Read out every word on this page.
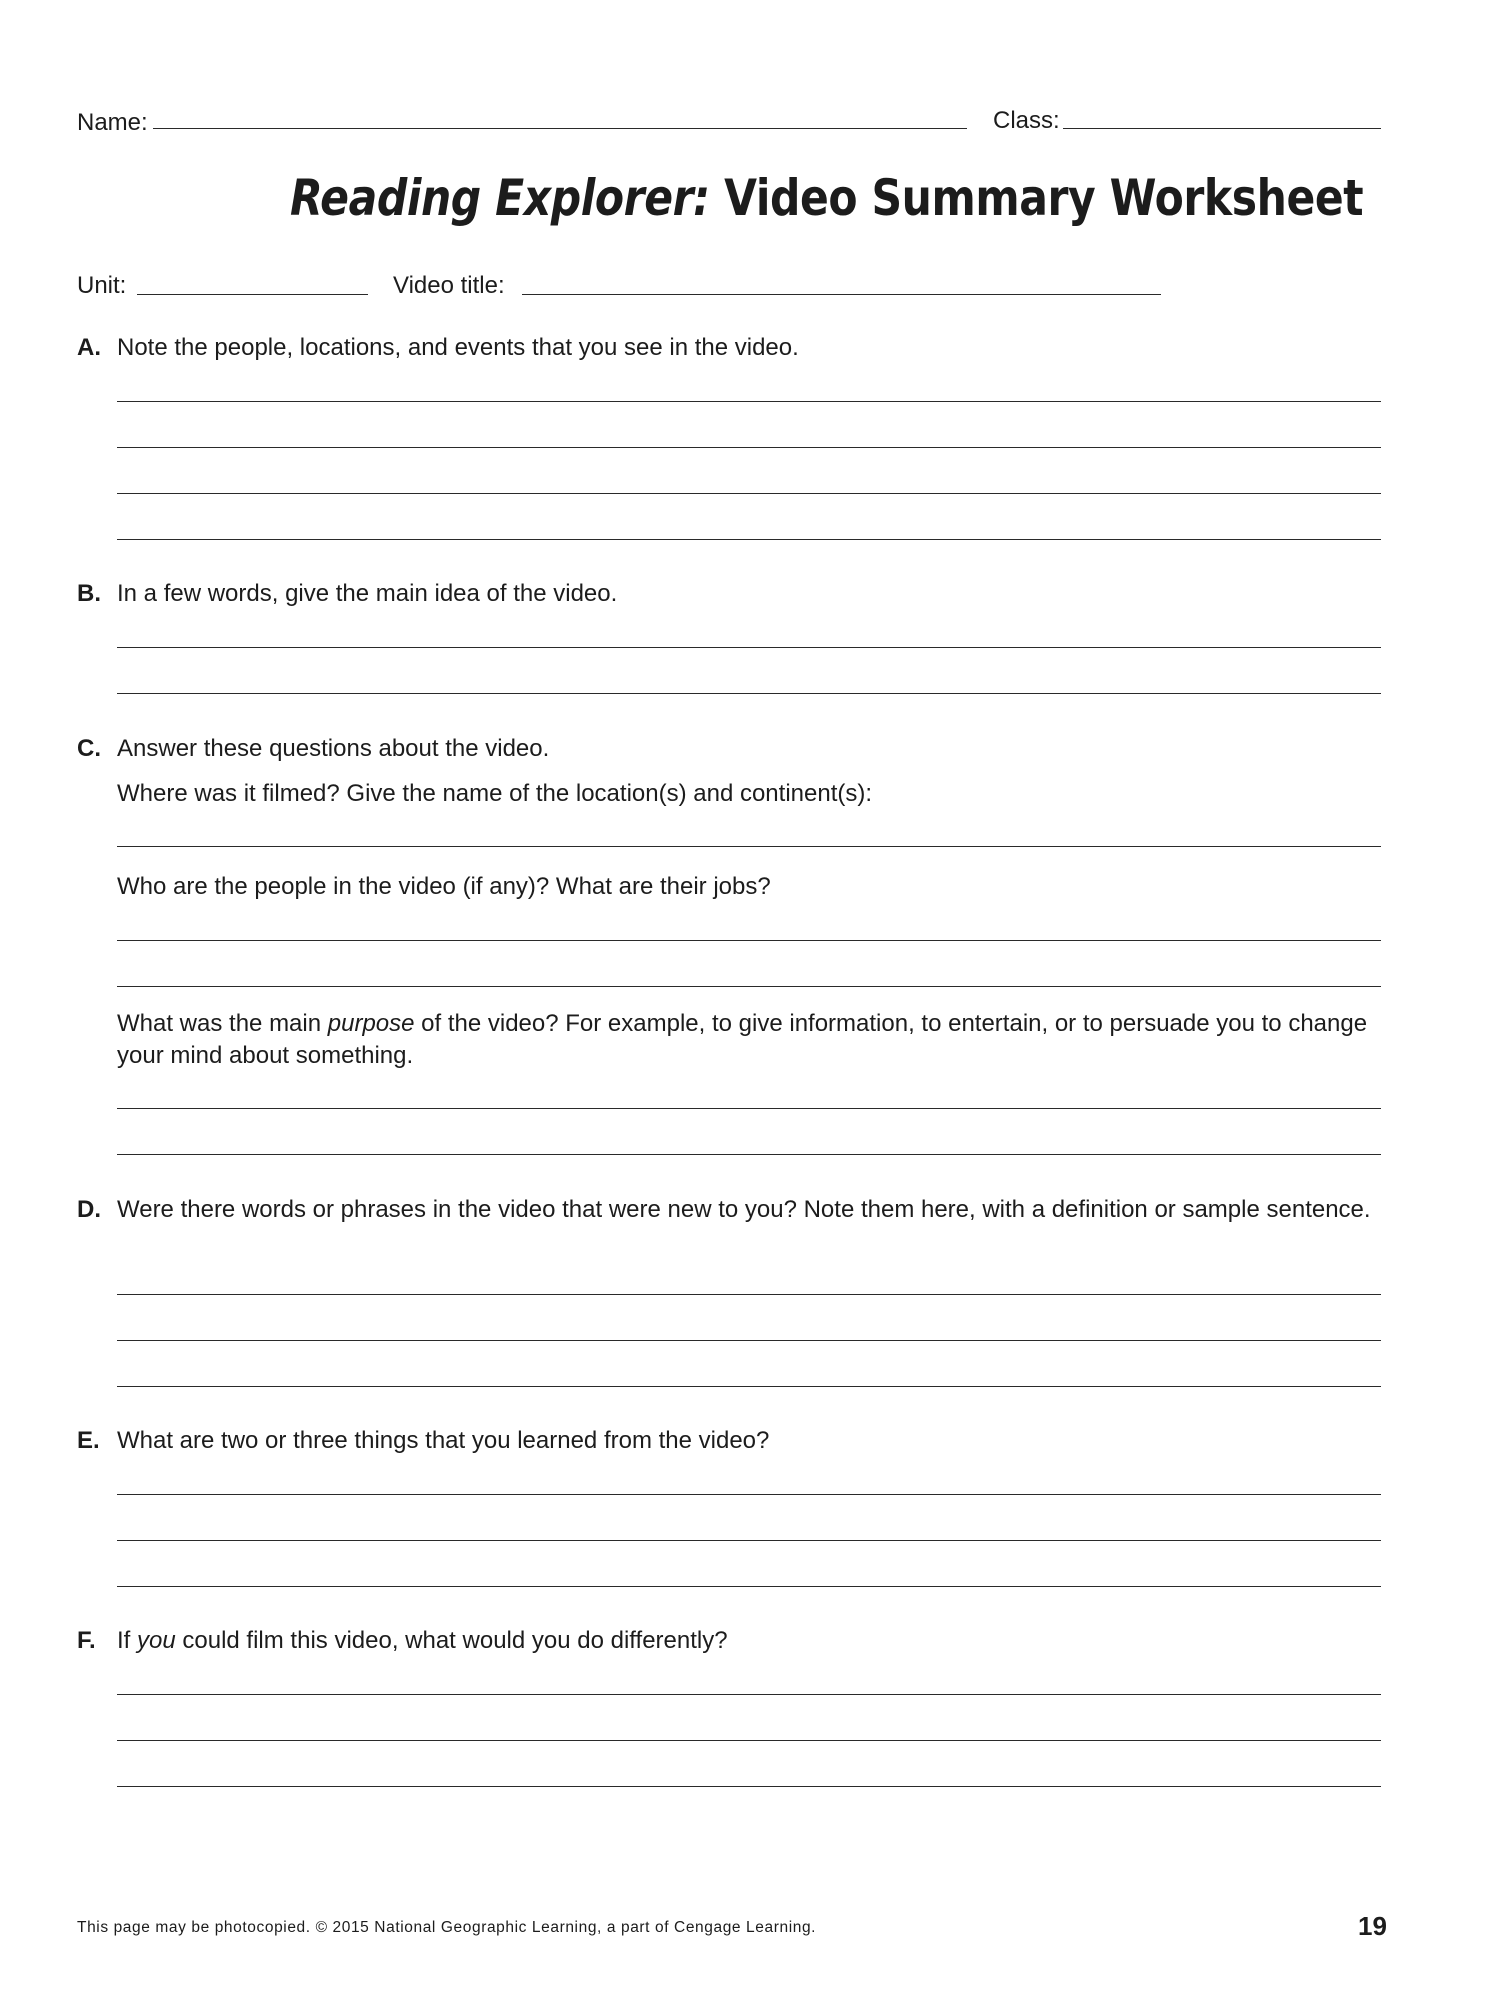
Name:	Class:
Reading Explorer: Video Summary Worksheet
Unit:	Video title:
A. Note the people, locations, and events that you see in the video.
B. In a few words, give the main idea of the video.
C. Answer these questions about the video.
Where was it filmed? Give the name of the location(s) and continent(s):
Who are the people in the video (if any)? What are their jobs?
What was the main purpose of the video? For example, to give information, to entertain, or to persuade you to change your mind about something.
D. Were there words or phrases in the video that were new to you? Note them here, with a definition or sample sentence.
E. What are two or three things that you learned from the video?
F. If you could film this video, what would you do differently?
This page may be photocopied. © 2015 National Geographic Learning, a part of Cengage Learning.	19
